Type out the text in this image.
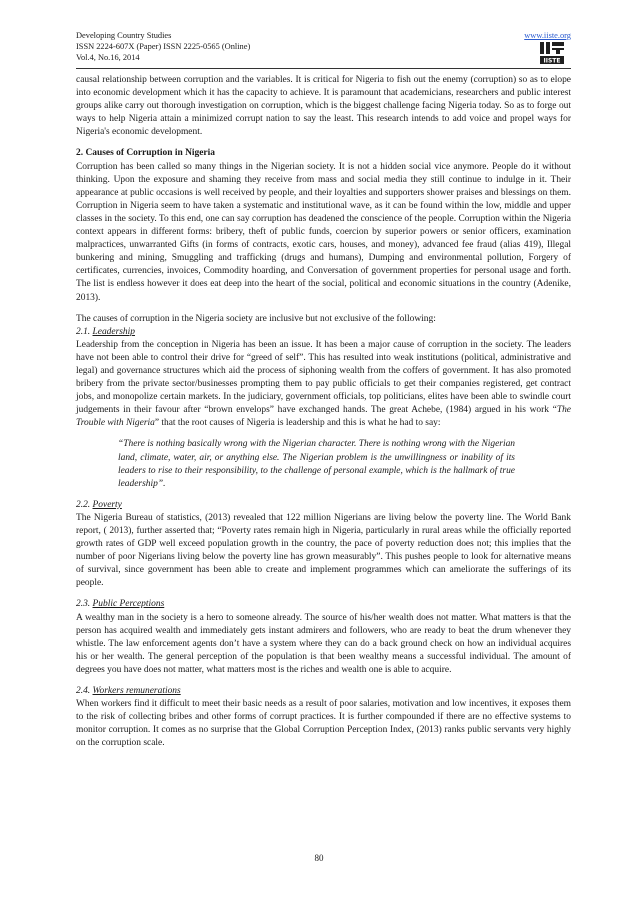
Developing Country Studies
ISSN 2224-607X (Paper) ISSN 2225-0565 (Online)
Vol.4, No.16, 2014
www.iiste.org
IISTE

causal relationship between corruption and the variables. It is critical for Nigeria to fish out the enemy (corruption) so as to elope into economic development which it has the capacity to achieve. It is paramount that academicians, researchers and public interest groups alike carry out thorough investigation on corruption, which is the biggest challenge facing Nigeria today. So as to forge out ways to help Nigeria attain a minimized corrupt nation to say the least. This research intends to add voice and propel ways for Nigeria's economic development.

2. Causes of Corruption in Nigeria

Corruption has been called so many things in the Nigerian society. It is not a hidden social vice anymore. People do it without thinking. Upon the exposure and shaming they receive from mass and social media they still continue to indulge in it. Their appearance at public occasions is well received by people, and their loyalties and supporters shower praises and blessings on them. Corruption in Nigeria seem to have taken a systematic and institutional wave, as it can be found within the low, middle and upper classes in the society. To this end, one can say corruption has deadened the conscience of the people. Corruption within the Nigeria context appears in different forms: bribery, theft of public funds, coercion by superior powers or senior officers, examination malpractices, unwarranted Gifts (in forms of contracts, exotic cars, houses, and money), advanced fee fraud (alias 419), Illegal bunkering and mining, Smuggling and trafficking (drugs and humans), Dumping and environmental pollution, Forgery of certificates, currencies, invoices, Commodity hoarding, and Conversation of government properties for personal usage and forth. The list is endless however it does eat deep into the heart of the social, political and economic situations in the country (Adenike, 2013).

The causes of corruption in the Nigeria society are inclusive but not exclusive of the following:

2.1. Leadership

Leadership from the conception in Nigeria has been an issue. It has been a major cause of corruption in the society. The leaders have not been able to control their drive for “greed of self”. This has resulted into weak institutions (political, administrative and legal) and governance structures which aid the process of siphoning wealth from the coffers of government. It has also promoted bribery from the private sector/businesses prompting them to pay public officials to get their companies registered, get contract jobs, and monopolize certain markets. In the judiciary, government officials, top politicians, elites have been able to swindle court judgements in their favour after “brown envelops” have exchanged hands. The great Achebe, (1984) argued in his work “The Trouble with Nigeria” that the root causes of Nigeria is leadership and this is what he had to say:

“There is nothing basically wrong with the Nigerian character. There is nothing wrong with the Nigerian land, climate, water, air, or anything else. The Nigerian problem is the unwillingness or inability of its leaders to rise to their responsibility, to the challenge of personal example, which is the hallmark of true leadership”.

2.2. Poverty

The Nigeria Bureau of statistics, (2013) revealed that 122 million Nigerians are living below the poverty line. The World Bank report, ( 2013), further asserted that; “Poverty rates remain high in Nigeria, particularly in rural areas while the officially reported growth rates of GDP well exceed population growth in the country, the pace of poverty reduction does not; this implies that the number of poor Nigerians living below the poverty line has grown measurably”. This pushes people to look for alternative means of survival, since government has been able to create and implement programmes which can ameliorate the sufferings of its people.

2.3. Public Perceptions

A wealthy man in the society is a hero to someone already. The source of his/her wealth does not matter. What matters is that the person has acquired wealth and immediately gets instant admirers and followers, who are ready to beat the drum whenever they whistle. The law enforcement agents don’t have a system where they can do a back ground check on how an individual acquires his or her wealth. The general perception of the population is that been wealthy means a successful individual. The amount of degrees you have does not matter, what matters most is the riches and wealth one is able to acquire.

2.4. Workers remunerations

When workers find it difficult to meet their basic needs as a result of poor salaries, motivation and low incentives, it exposes them to the risk of collecting bribes and other forms of corrupt practices. It is further compounded if there are no effective systems to monitor corruption. It comes as no surprise that the Global Corruption Perception Index, (2013) ranks public servants very highly on the corruption scale.

80
